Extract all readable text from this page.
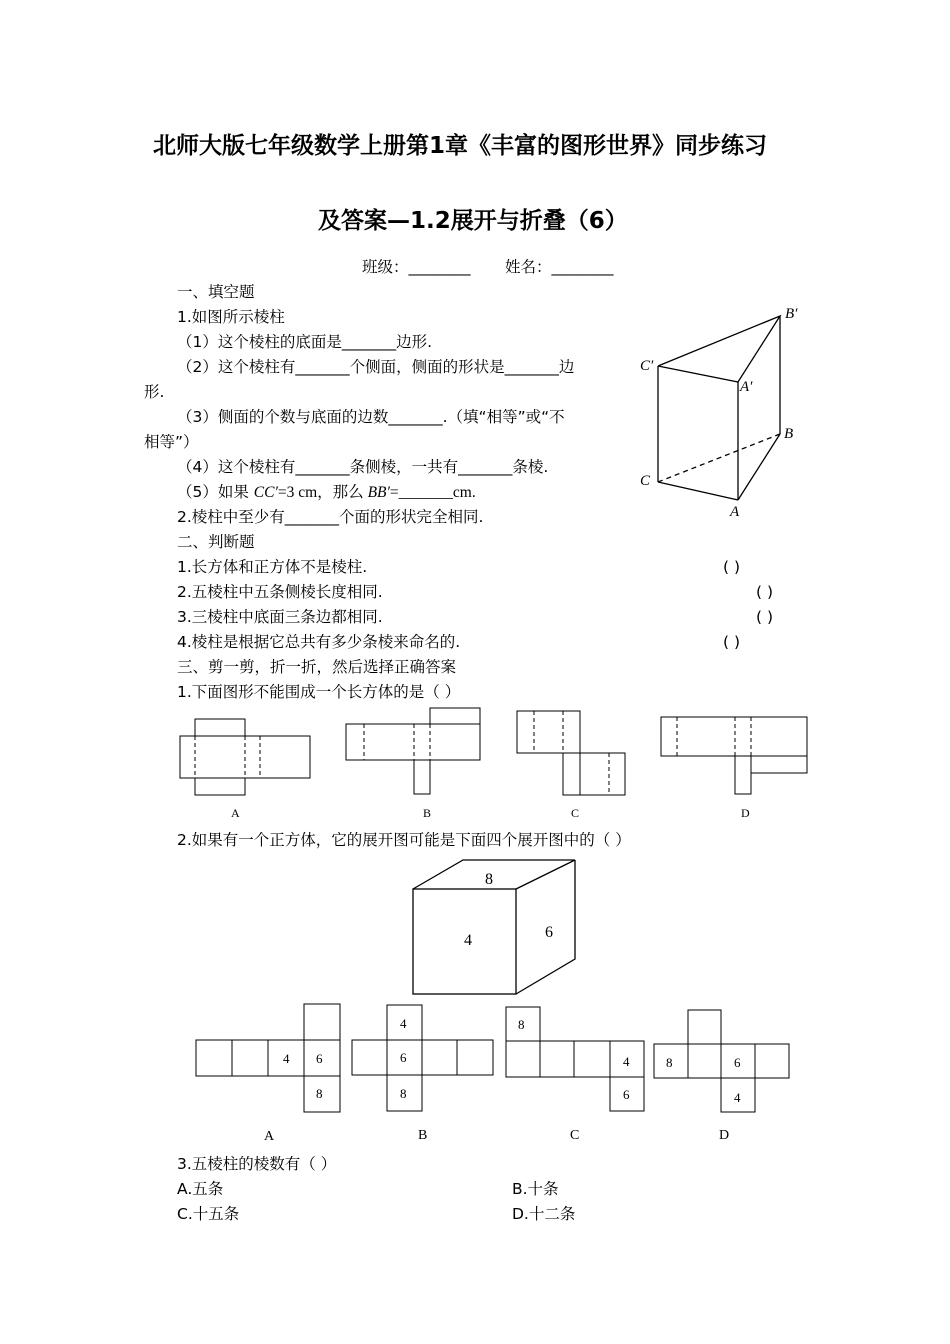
北师大版七年级数学上册第1章《丰富的图形世界》同步练习
及答案—1.2展开与折叠（6）
班级：________ 姓名：________
一、填空题
1.如图所示棱柱
（1）这个棱柱的底面是_______边形.
（2）这个棱柱有_______个侧面，侧面的形状是_______边
形.
（3）侧面的个数与底面的边数_______.（填“相等”或“不
相等”）
（4）这个棱柱有_______条侧棱，一共有_______条棱.
（5）如果 CC′=3 cm，那么 BB′=_______cm.
2.棱柱中至少有_______个面的形状完全相同.
B′
C′
A′
B
C
A
二、判断题
1.长方体和正方体不是棱柱.	( )
2.五棱柱中五条侧棱长度相同.	( )
3.三棱柱中底面三条边都相同.	( )
4.棱柱是根据它总共有多少条棱来命名的.	( )
三、剪一剪，折一折，然后选择正确答案
1.下面图形不能围成一个长方体的是（ ）
A	B	C	D
2.如果有一个正方体，它的展开图可能是下面四个展开图中的（ ）
8
4	6
4 6
8
4
6
8
8
4
6
8	6
4
A	B	C	D
3.五棱柱的棱数有（ ）
A.五条	B.十条
C.十五条	D.十二条
